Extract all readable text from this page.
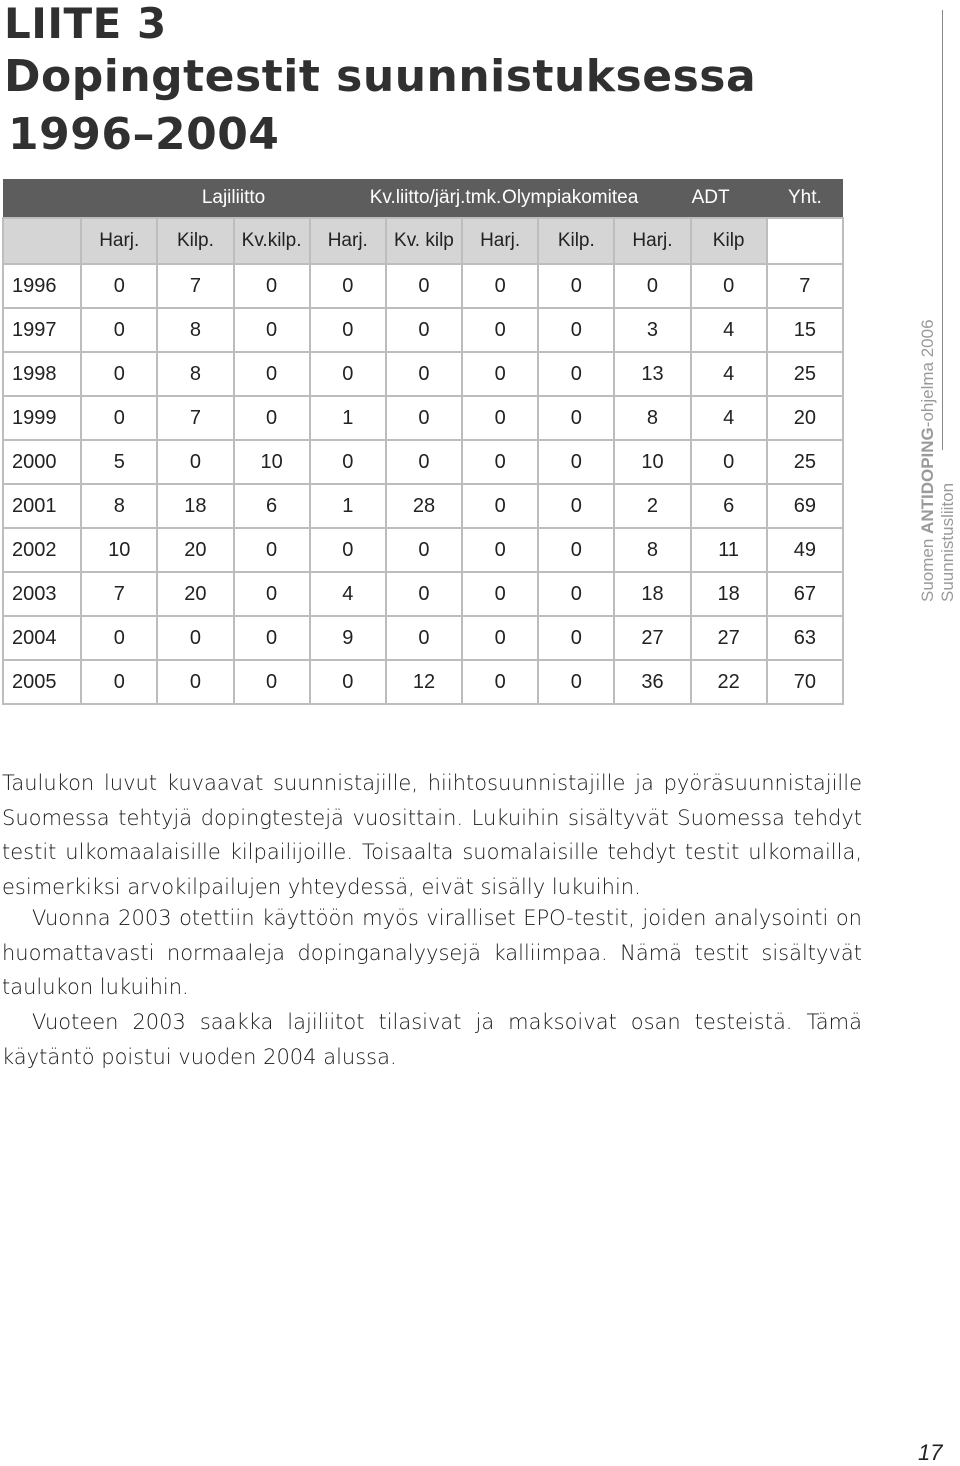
LIITE 3
Dopingtestit suunnistuksessa
1996–2004
		Lajiliitto		Kv.liitto/järj.tmk.		Olympiakomitea		ADT		Yht.
	Harj.	Kilp.	Kv.kilp.	Harj.	Kv. kilp	Harj.	Kilp.	Harj.	Kilp	
1996	0	7	0	0	0	0	0	0	0	7
1997	0	8	0	0	0	0	0	3	4	15
1998	0	8	0	0	0	0	0	13	4	25
1999	0	7	0	1	0	0	0	8	4	20
2000	5	0	10	0	0	0	0	10	0	25
2001	8	18	6	1	28	0	0	2	6	69
2002	10	20	0	0	0	0	0	8	11	49
2003	7	20	0	4	0	0	0	18	18	67
2004	0	0	0	9	0	0	0	27	27	63
2005	0	0	0	0	12	0	0	36	22	70
Suomen ANTIDOPING-ohjelma 2006
Suunnistusliiton

Taulukon luvut kuvaavat suunnistajille, hiihtosuunnistajille ja pyöräsuunnistajille Suomessa tehtyjä dopingtestejä vuosittain. Lukuihin sisältyvät Suomessa tehdyt testit ulkomaalaisille kilpailijoille. Toisaalta suomalaisille tehdyt testit ulkomailla, esimerkiksi arvokilpailujen yhteydessä, eivät sisälly lukuihin.

Vuonna 2003 otettiin käyttöön myös viralliset EPO-testit, joiden analysointi on huomattavasti normaaleja dopinganalyysejä kalliimpaa. Nämä testit sisältyvät taulukon lukuihin.

Vuoteen 2003 saakka lajiliitot tilasivat ja maksoivat osan testeistä. Tämä käytäntö poistui vuoden 2004 alussa.

17
